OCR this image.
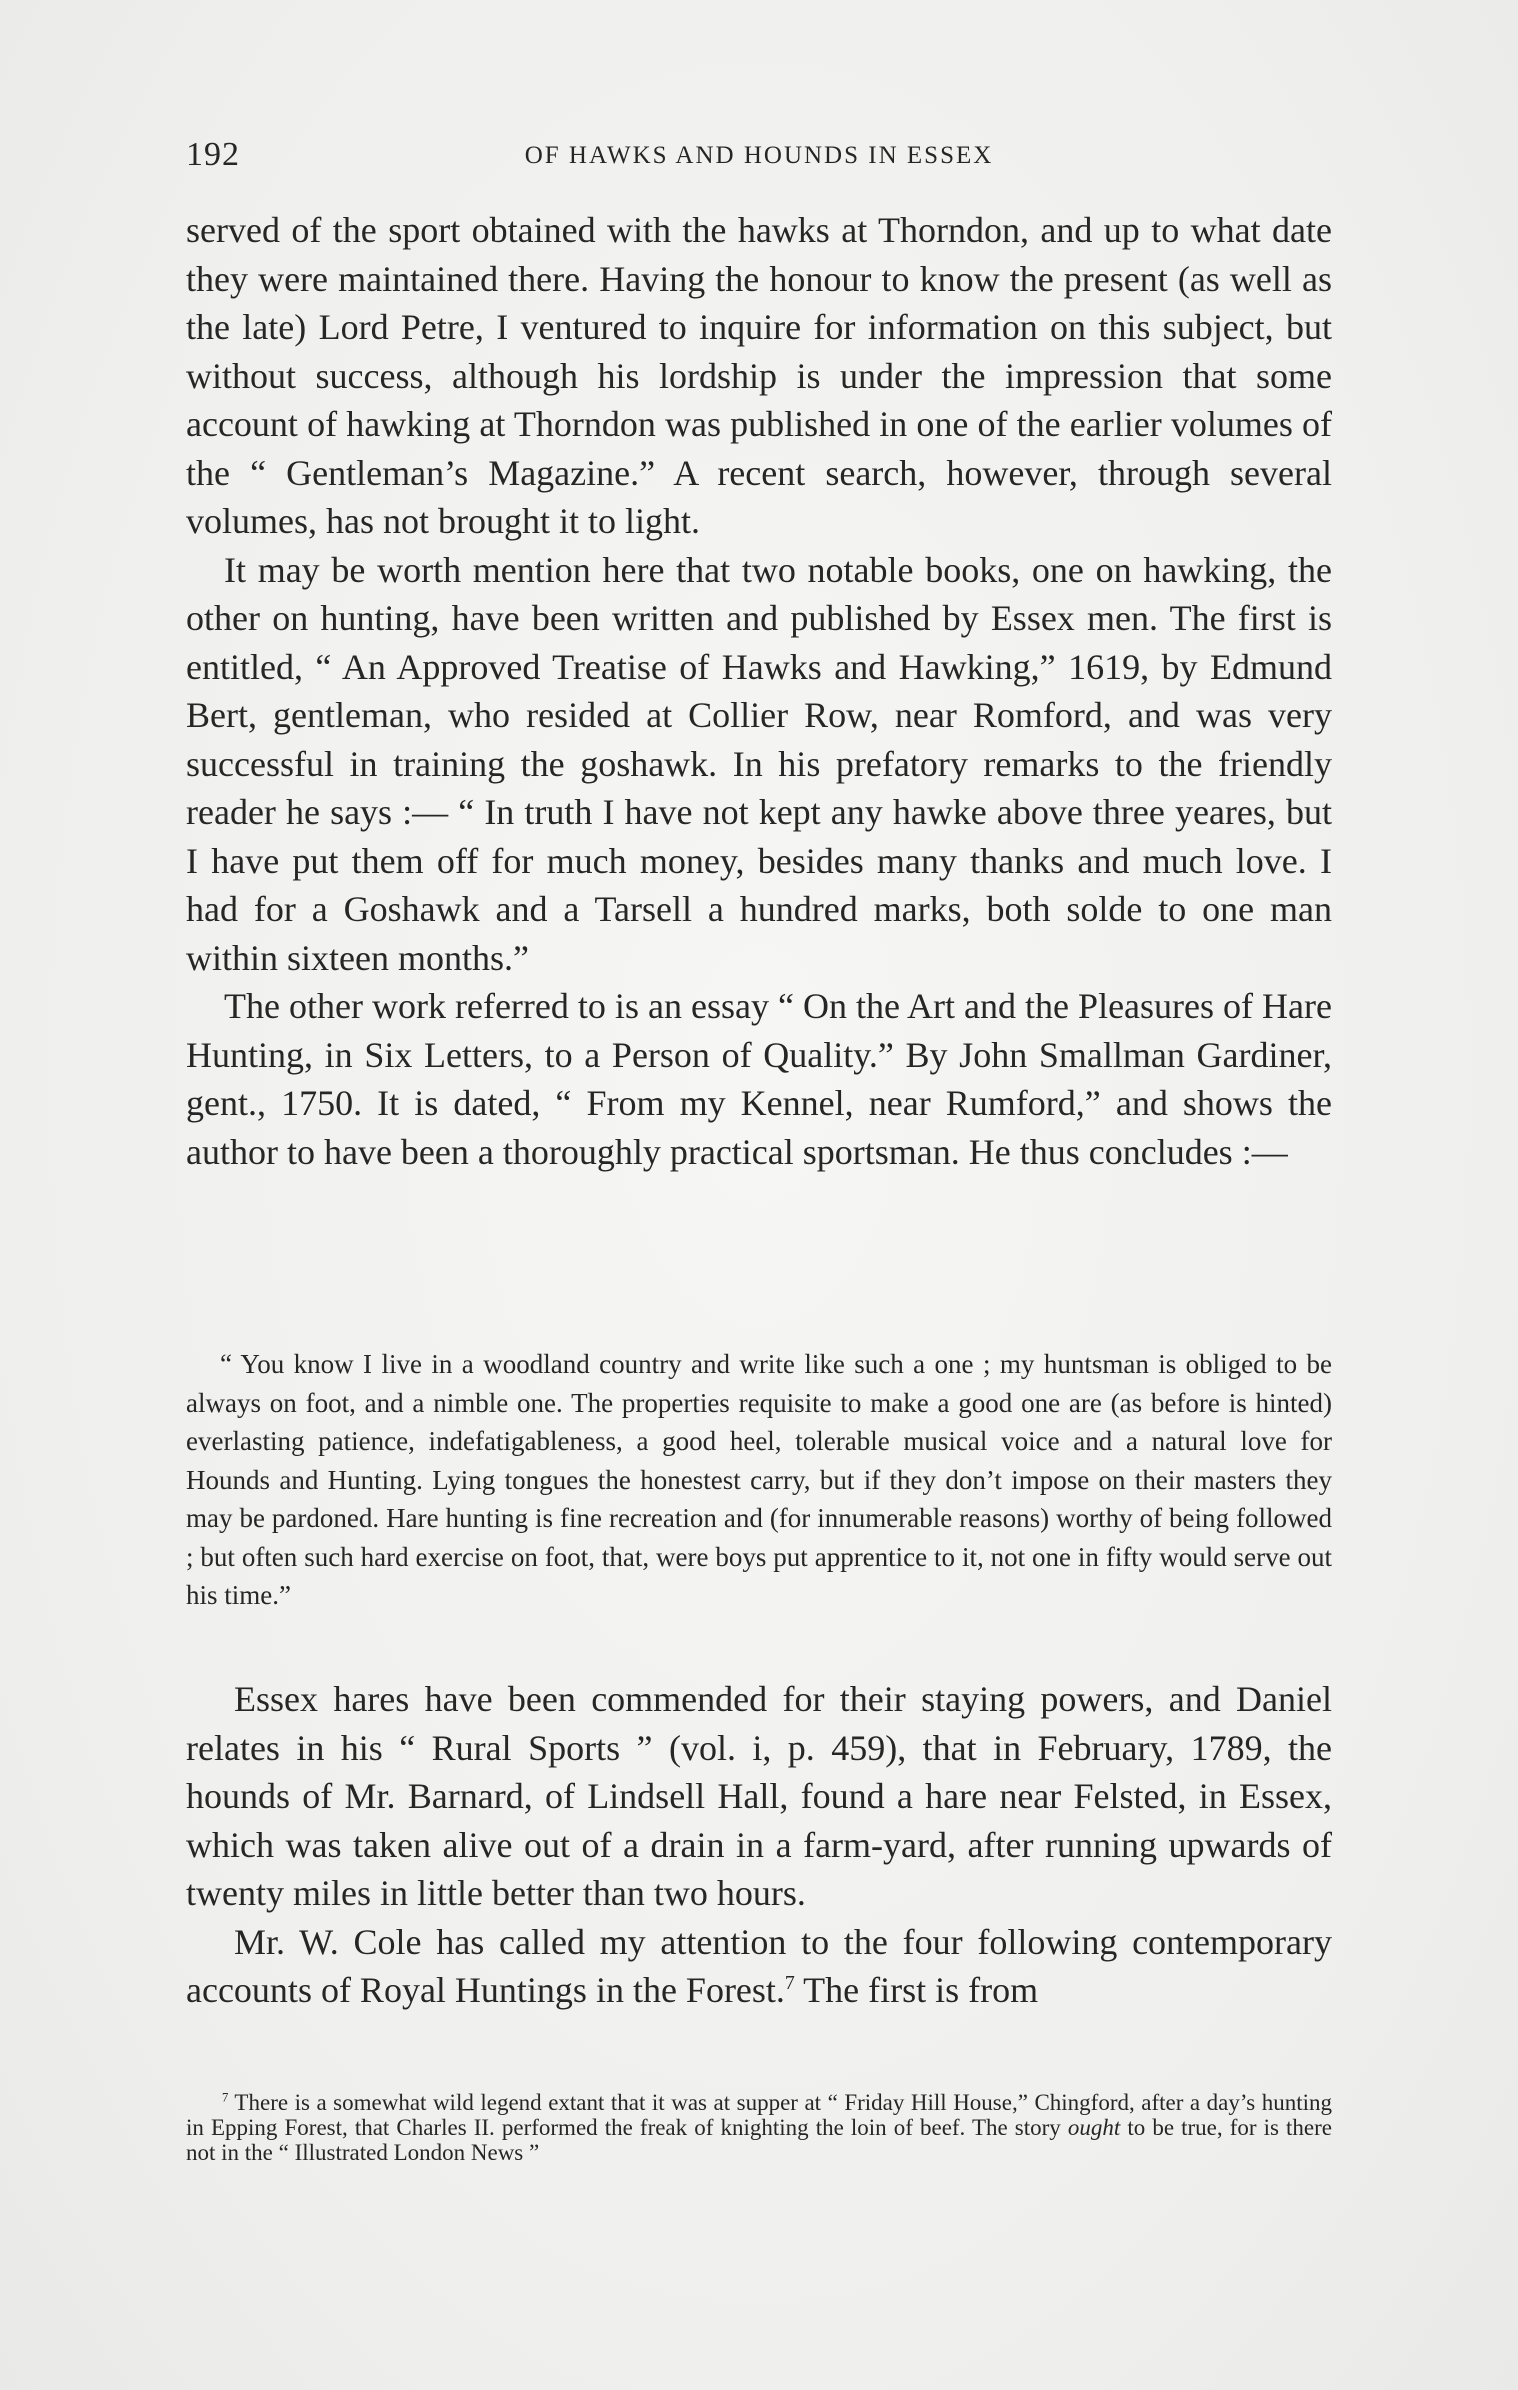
192	OF HAWKS AND HOUNDS IN ESSEX

served of the sport obtained with the hawks at Thorndon, and up to what date they were maintained there. Having the honour to know the present (as well as the late) Lord Petre, I ventured to inquire for information on this subject, but without success, although his lordship is under the impression that some account of hawking at Thorndon was published in one of the earlier volumes of the “ Gentleman’s Magazine.” A recent search, however, through several volumes, has not brought it to light.

It may be worth mention here that two notable books, one on hawking, the other on hunting, have been written and published by Essex men. The first is entitled, “ An Approved Treatise of Hawks and Hawking,” 1619, by Edmund Bert, gentleman, who resided at Collier Row, near Romford, and was very successful in training the goshawk. In his prefatory remarks to the friendly reader he says :— “ In truth I have not kept any hawke above three yeares, but I have put them off for much money, besides many thanks and much love. I had for a Goshawk and a Tarsell a hundred marks, both solde to one man within sixteen months.”

The other work referred to is an essay “ On the Art and the Pleasures of Hare Hunting, in Six Letters, to a Person of Quality.” By John Smallman Gardiner, gent., 1750. It is dated, “ From my Kennel, near Rumford,” and shows the author to have been a thoroughly practical sportsman. He thus concludes :—

“ You know I live in a woodland country and write like such a one ; my huntsman is obliged to be always on foot, and a nimble one. The properties requisite to make a good one are (as before is hinted) everlasting patience, indefatigableness, a good heel, tolerable musical voice and a natural love for Hounds and Hunting. Lying tongues the honestest carry, but if they don’t impose on their masters they may be pardoned. Hare hunting is fine recreation and (for innumerable reasons) worthy of being followed ; but often such hard exercise on foot, that, were boys put apprentice to it, not one in fifty would serve out his time.”

Essex hares have been commended for their staying powers, and Daniel relates in his “ Rural Sports ” (vol. i, p. 459), that in February, 1789, the hounds of Mr. Barnard, of Lindsell Hall, found a hare near Felsted, in Essex, which was taken alive out of a drain in a farm-yard, after running upwards of twenty miles in little better than two hours.

Mr. W. Cole has called my attention to the four following contemporary accounts of Royal Huntings in the Forest.$^7$ The first is from

$^7$ There is a somewhat wild legend extant that it was at supper at “ Friday Hill House,” Chingford, after a day’s hunting in Epping Forest, that Charles II. performed the freak of knighting the loin of beef. The story ought to be true, for is there not in the “ Illustrated London News ”
